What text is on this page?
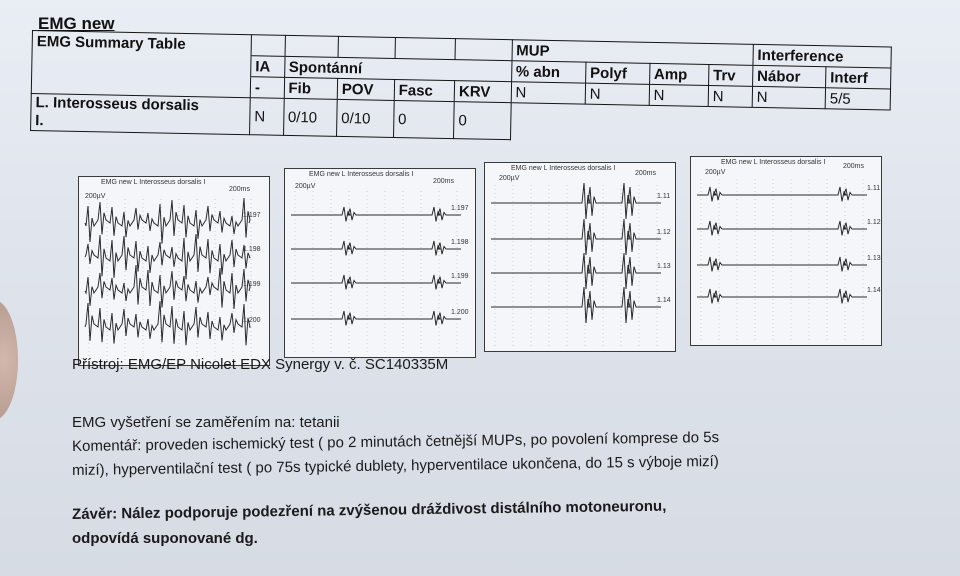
EMG new
EMG Summary Table						MUP				Interference	
	IA	Spontánní				% abn	Polyf	Amp	Trv	Nábor	Interf
	-	Fib	POV	Fasc	KRV	N	N	N	N	N	5/5
L. Interosseus dorsalis
I.	N	0/10	0/10	0	0						
EMG new L Interosseus dorsalis I
200µV
200ms
1.197
1.198
1.199
1.200
EMG new L Interosseus dorsalis I
200µV
200ms
1.197
1.198
1.199
1.200
EMG new L Interosseus dorsalis I
200µV
200ms
1.11
1.12
1.13
1.14
EMG new L Interosseus dorsalis I
200µV
200ms
1.11
1.12
1.13
1.14
Přístroj: EMG/EP Nicolet EDX Synergy v. č. SC140335M
EMG vyšetření se zaměřením na: tetanii
Komentář: proveden ischemický test ( po 2 minutách četnější MUPs, po povolení komprese do 5s
mizí), hyperventilační test ( po 75s typické dublety, hyperventilace ukončena, do 15 s výboje mizí)
Závěr: Nález podporuje podezření na zvýšenou dráždivost distálního motoneuronu,
odpovídá suponované dg.
